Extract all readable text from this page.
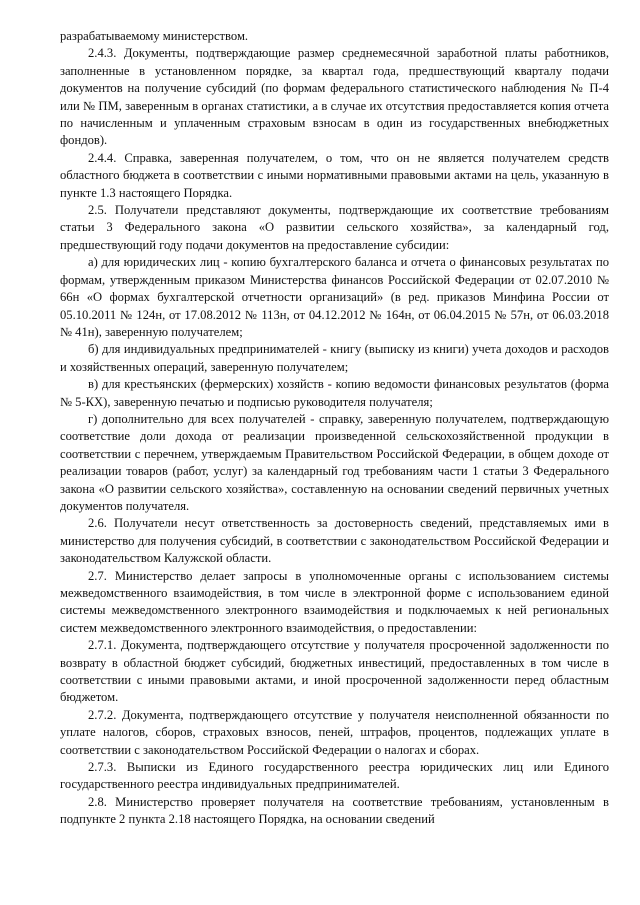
разрабатываемому министерством.

2.4.3. Документы, подтверждающие размер среднемесячной заработной платы работников, заполненные в установленном порядке, за квартал года, предшествующий кварталу подачи документов на получение субсидий (по формам федерального статистического наблюдения № П-4 или № ПМ, заверенным в органах статистики, а в случае их отсутствия предоставляется копия отчета по начисленным и уплаченным страховым взносам в один из государственных внебюджетных фондов).

2.4.4. Справка, заверенная получателем, о том, что он не является получателем средств областного бюджета в соответствии с иными нормативными правовыми актами на цель, указанную в пункте 1.3 настоящего Порядка.

2.5. Получатели представляют документы, подтверждающие их соответствие требованиям статьи 3 Федерального закона «О развитии сельского хозяйства», за календарный год, предшествующий году подачи документов на предоставление субсидии:

а) для юридических лиц - копию бухгалтерского баланса и отчета о финансовых результатах по формам, утвержденным приказом Министерства финансов Российской Федерации от 02.07.2010 № 66н «О формах бухгалтерской отчетности организаций» (в ред. приказов Минфина России от 05.10.2011 № 124н, от 17.08.2012 № 113н, от 04.12.2012 № 164н, от 06.04.2015 № 57н, от 06.03.2018 № 41н), заверенную получателем;

б) для индивидуальных предпринимателей - книгу (выписку из книги) учета доходов и расходов и хозяйственных операций, заверенную получателем;

в) для крестьянских (фермерских) хозяйств - копию ведомости финансовых результатов (форма № 5-КХ), заверенную печатью и подписью руководителя получателя;

г) дополнительно для всех получателей - справку, заверенную получателем, подтверждающую соответствие доли дохода от реализации произведенной сельскохозяйственной продукции в соответствии с перечнем, утверждаемым Правительством Российской Федерации, в общем доходе от реализации товаров (работ, услуг) за календарный год требованиям части 1 статьи 3 Федерального закона «О развитии сельского хозяйства», составленную на основании сведений первичных учетных документов получателя.

2.6. Получатели несут ответственность за достоверность сведений, представляемых ими в министерство для получения субсидий, в соответствии с законодательством Российской Федерации и законодательством Калужской области.

2.7. Министерство делает запросы в уполномоченные органы с использованием системы межведомственного взаимодействия, в том числе в электронной форме с использованием единой системы межведомственного электронного взаимодействия и подключаемых к ней региональных систем межведомственного электронного взаимодействия, о предоставлении:

2.7.1. Документа, подтверждающего отсутствие у получателя просроченной задолженности по возврату в областной бюджет субсидий, бюджетных инвестиций, предоставленных в том числе в соответствии с иными правовыми актами, и иной просроченной задолженности перед областным бюджетом.

2.7.2. Документа, подтверждающего отсутствие у получателя неисполненной обязанности по уплате налогов, сборов, страховых взносов, пеней, штрафов, процентов, подлежащих уплате в соответствии с законодательством Российской Федерации о налогах и сборах.

2.7.3. Выписки из Единого государственного реестра юридических лиц или Единого государственного реестра индивидуальных предпринимателей.

2.8. Министерство проверяет получателя на соответствие требованиям, установленным в подпункте 2 пункта 2.18 настоящего Порядка, на основании сведений
